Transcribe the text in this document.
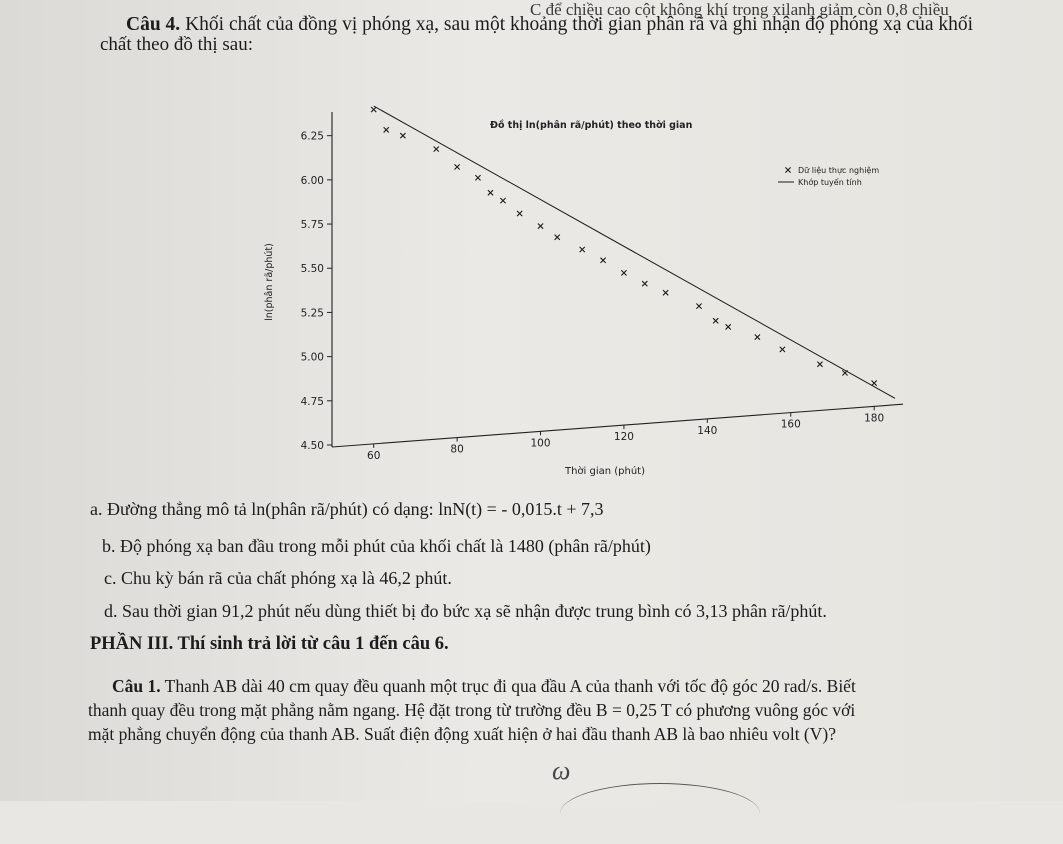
C để chiều cao cột không khí trong xilanh giảm còn 0,8 chiều
Câu 4. Khối chất của đồng vị phóng xạ, sau một khoảng thời gian phân rã và ghi nhận độ phóng xạ của khối
chất theo đồ thị sau:
Đồ thị ln(phân rã/phút) theo thời gian
6.25
6.00
5.75
5.50
5.25
5.00
4.75
4.50
60
80
100
120
140
160
180
Thời gian (phút)
ln(phân rã/phút)
Dữ liệu thực nghiệm
Khớp tuyến tính
a. Đường thẳng mô tả ln(phân rã/phút) có dạng: lnN(t) = - 0,015.t + 7,3
b. Độ phóng xạ ban đầu trong mỗi phút của khối chất là 1480 (phân rã/phút)
c. Chu kỳ bán rã của chất phóng xạ là 46,2 phút.
d. Sau thời gian 91,2 phút nếu dùng thiết bị đo bức xạ sẽ nhận được trung bình có 3,13 phân rã/phút.
PHẦN III. Thí sinh trả lời từ câu 1 đến câu 6.
Câu 1. Thanh AB dài 40 cm quay đều quanh một trục đi qua đầu A của thanh với tốc độ góc 20 rad/s. Biết
thanh quay đều trong mặt phẳng nằm ngang. Hệ đặt trong từ trường đều B = 0,25 T có phương vuông góc với
mặt phẳng chuyển động của thanh AB. Suất điện động xuất hiện ở hai đầu thanh AB là bao nhiêu volt (V)?
ω
